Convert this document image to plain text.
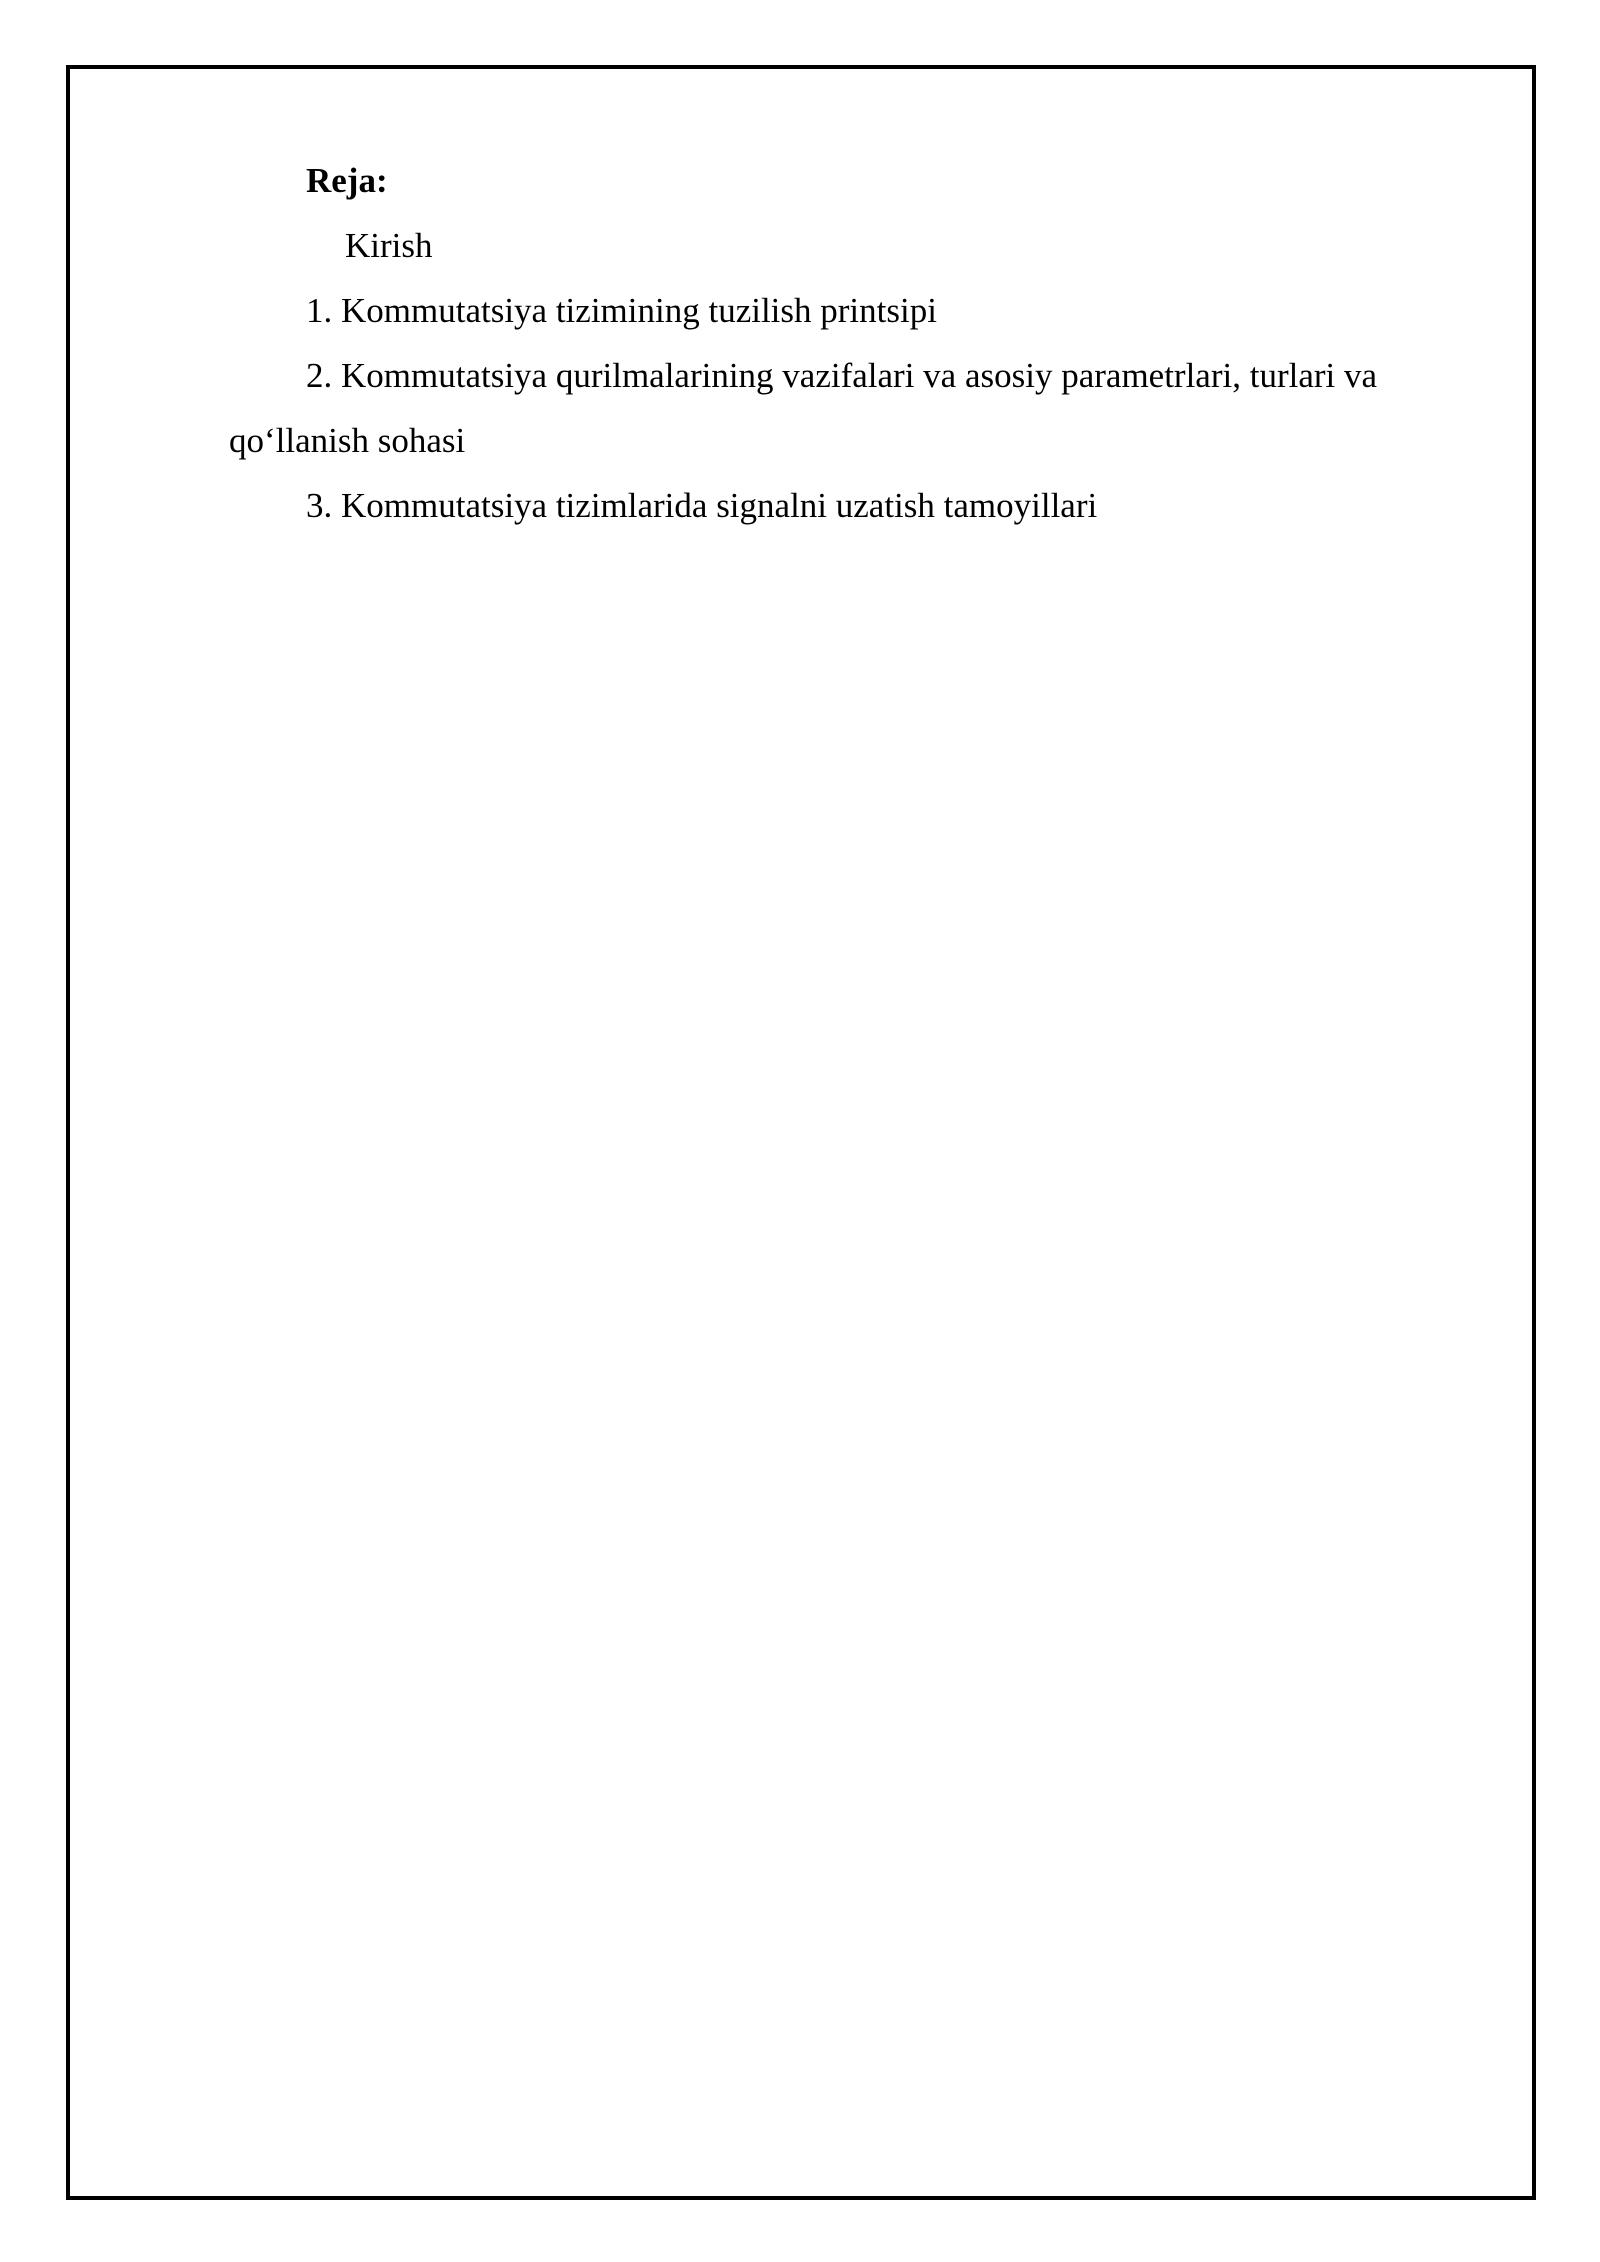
Reja:
Kirish
1. Kommutatsiya tizimining tuzilish printsipi
2. Kommutatsiya qurilmalarining vazifalari va asosiy parametrlari, turlari va qo‘llanish sohasi
3. Kommutatsiya tizimlarida signalni uzatish tamoyillari
